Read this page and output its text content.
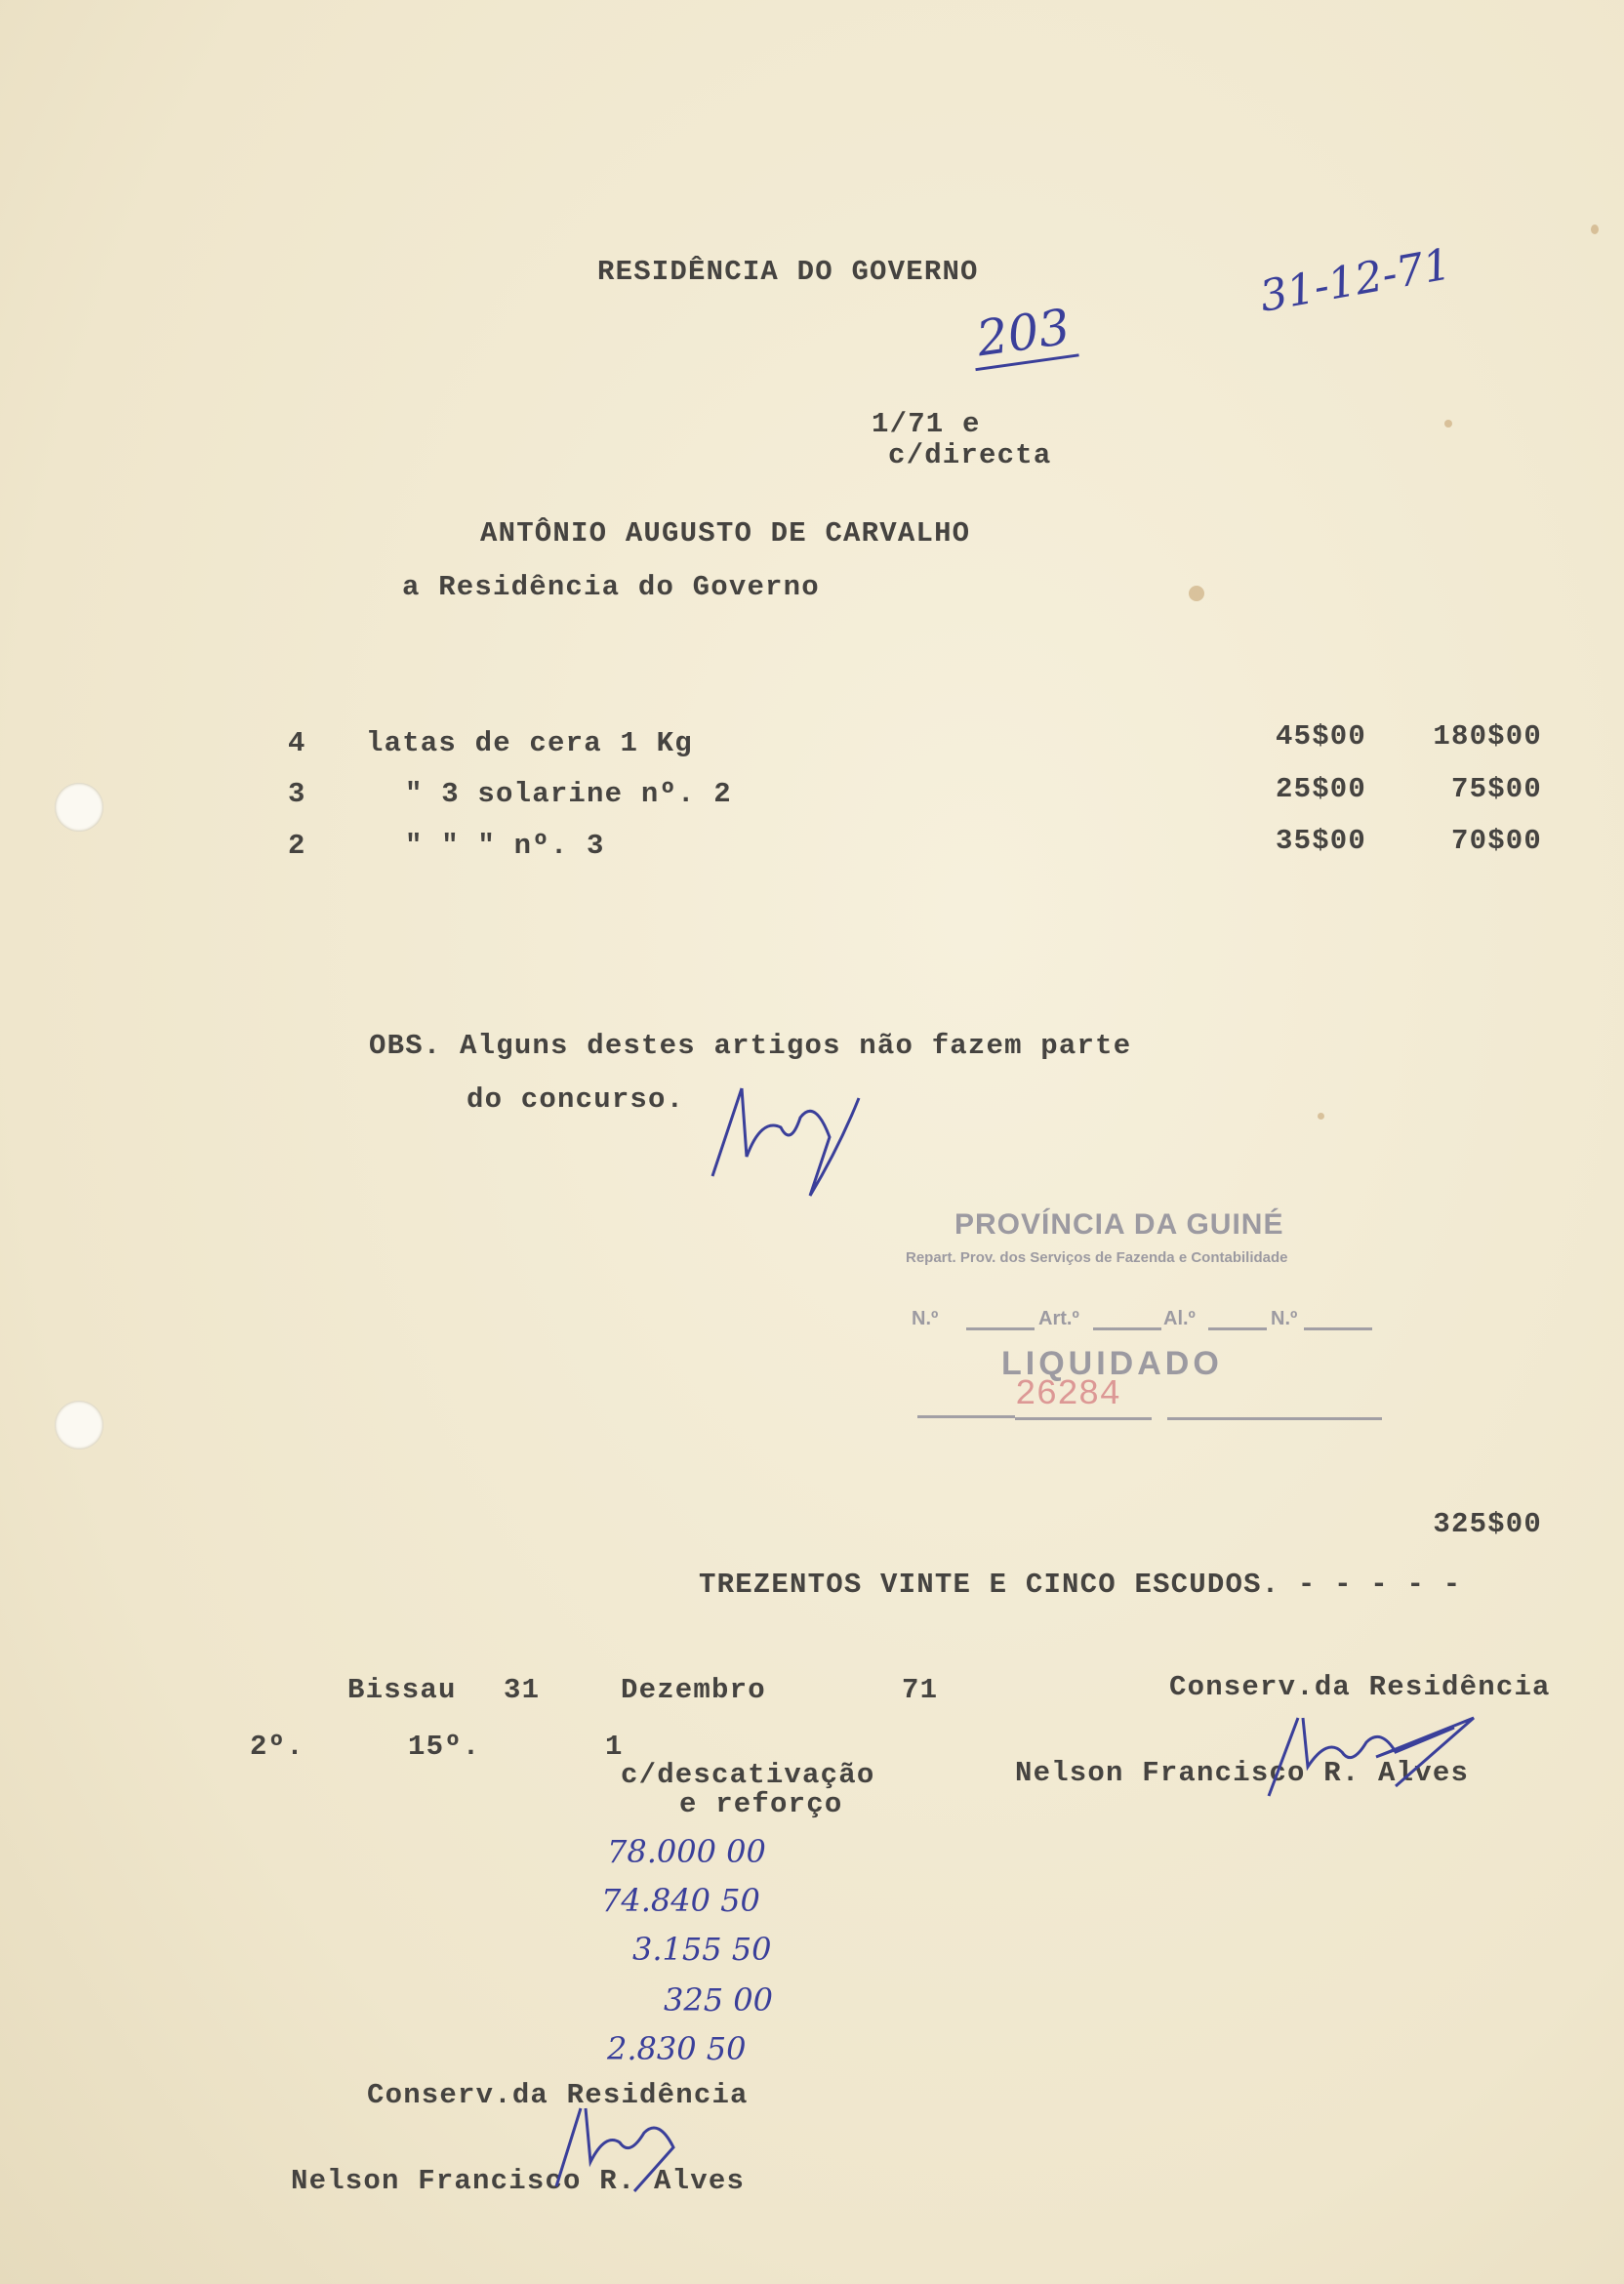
RESIDÊNCIA DO GOVERNO
203
31-12-71
1/71 e
c/directa
ANTÔNIO AUGUSTO DE CARVALHO
a Residência do Governo
4 latas de cera 1 Kg	45$00	180$00
3	" 3 solarine nº. 2	25$00	75$00
2	" " " nº. 3	35$00	70$00
OBS. Alguns destes artigos não fazem parte
do concurso.
PROVÍNCIA DA GUINÉ
Repart. Prov. dos Serviços de Fazenda e Contabilidade
N.º	Art.º	Al.º	N.º
LIQUIDADO
26284
325$00
TREZENTOS VINTE E CINCO ESCUDOS. - - - - -
Bissau 31	Dezembro	71	Conserv.da Residência
Nelson Francisco R. Alves
2º.	15º.	1
c/descativação
e reforço
78.000 00
74.840 50
3.155 50
325 00
2.830 50
Conserv.da Residência
Nelson Francisco R. Alves
